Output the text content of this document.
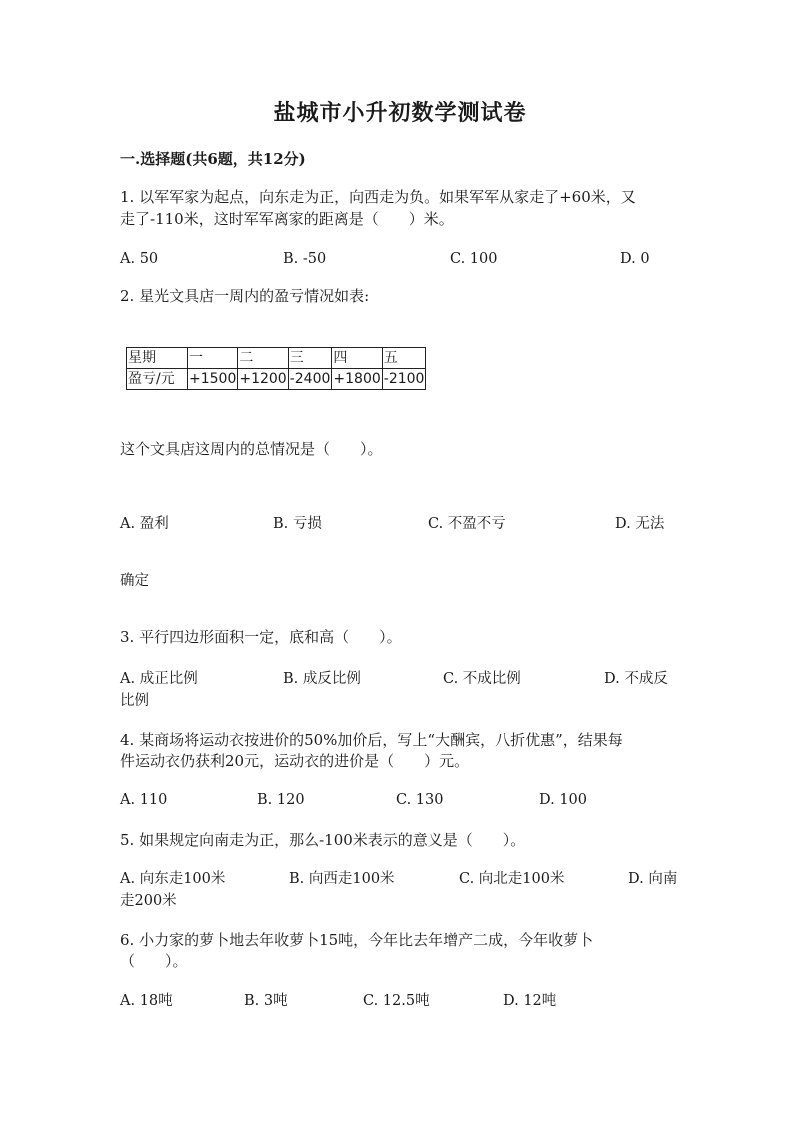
盐城市小升初数学测试卷
一.选择题(共6题，共12分)
1. 以军军家为起点，向东走为正，向西走为负。如果军军从家走了+60米，又
走了-110米，这时军军离家的距离是（　　）米。
A. 50	B. -50	C. 100	D. 0
2. 星光文具店一周内的盈亏情况如表:
星期	一	二	三	四	五
盈亏/元	+1500	+1200	-2400	+1800	-2100
这个文具店这周内的总情况是（　　）。
A. 盈利	B. 亏损	C. 不盈不亏	D. 无法
确定
3. 平行四边形面积一定，底和高（　　）。
A. 成正比例	B. 成反比例	C. 不成比例	D. 不成反
比例
4. 某商场将运动衣按进价的50%加价后，写上“大酬宾，八折优惠”，结果每
件运动衣仍获利20元，运动衣的进价是（　　）元。
A. 110	B. 120	C. 130	D. 100
5. 如果规定向南走为正，那么-100米表示的意义是（　　）。
A. 向东走100米	B. 向西走100米	C. 向北走100米	D. 向南
走200米
6. 小力家的萝卜地去年收萝卜15吨，今年比去年增产二成，今年收萝卜
（　　）。
A. 18吨	B. 3吨	C. 12.5吨	D. 12吨
